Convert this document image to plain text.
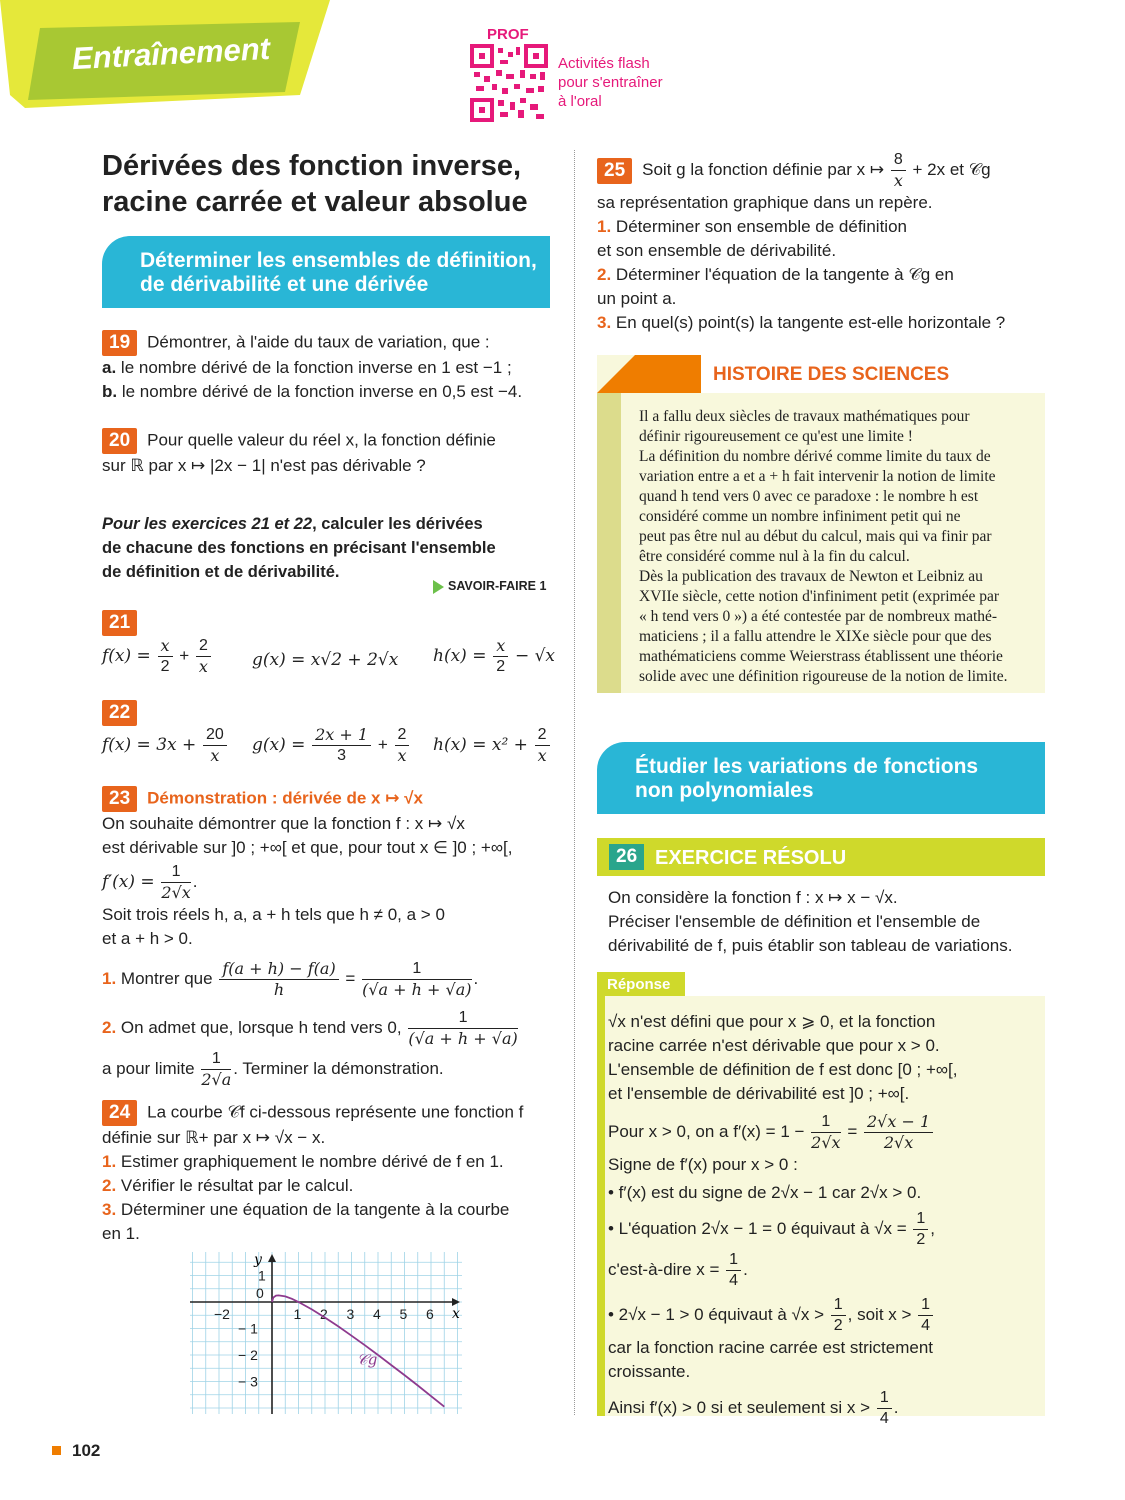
Entraînement	PROF
Activités flash
pour s'entraîner
à l'oral
Dérivées des fonction inverse,
racine carrée et valeur absolue
Déterminer les ensembles de définition,
de dérivabilité et une dérivée

19 Démontrer, à l'aide du taux de variation, que :

a. le nombre dérivé de la fonction inverse en 1 est −1 ;

b. le nombre dérivé de la fonction inverse en 0,5 est −4.

20 Pour quelle valeur du réel x, la fonction définie

sur ℝ par x ↦ |2x − 1| n'est pas dérivable ?

Pour les exercices 21 et 22, calculer les dérivées
de chacune des fonctions en précisant l'ensemble
de définition et de dérivabilité.
SAVOIR-FAIRE 1
21
$f(x) = \frac{x}{2} + \frac{2}{x} g(x) = x√2 + 2√x$ $h(x) = \frac{x}{2} - √x$
22
$f(x) = 3x + \frac{20}{x} g(x) = \frac{2x + 1}{3} + \frac{2}{x} h(x) = x^2 + \frac{2}{x}$

23 Démonstration : dérivée de x ↦ √x

On souhaite démontrer que la fonction f : x ↦ √x

est dérivable sur ]0 ; +∞[ et que, pour tout x ∈ ]0 ; +∞[,

$f'(x) = \frac{1}{2√x}$ .

Soit trois réels h, a, a + h tels que h ≠ 0, a > 0

et a + h > 0.

1. Montrer que $\frac{f(a + h) - f(a)}{h} = \frac{1}{(√a + h + √a)}$ .

2. On admet que, lorsque h tend vers 0, $\frac{1}{(√a + h + √a)}$

a pour limite $\frac{1}{2√a}$ . Terminer la démonstration.

24 La courbe 𝒞f ci-dessous représente une fonction f

définie sur ℝ+ par x ↦ √x − x.

1. Estimer graphiquement le nombre dérivé de f en 1.

2. Vérifier le résultat par le calcul.

3. Déterminer une équation de la tangente à la courbe

en 1.

x
y
−2
0
1 2 3 4 5 6
1
− 1
− 2
− 3
𝒞g

25 Soit g la fonction définie par x ↦ $\frac{8}{x} + 2x$ et 𝒞g

sa représentation graphique dans un repère.

1. Déterminer son ensemble de définition

et son ensemble de dérivabilité.

2. Déterminer l'équation de la tangente à 𝒞g en

un point a.

3. En quel(s) point(s) la tangente est-elle horizontale ?

HISTOIRE DES SCIENCES
Il a fallu deux siècles de travaux mathématiques pour
définir rigoureusement ce qu'est une limite !
La définition du nombre dérivé comme limite du taux de
variation entre a et a + h fait intervenir la notion de limite
quand h tend vers 0 avec ce paradoxe : le nombre h est
considéré comme un nombre infiniment petit qui ne
peut pas être nul au début du calcul, mais qui va finir par
être considéré comme nul à la fin du calcul.
Dès la publication des travaux de Newton et Leibniz au
XVIIe siècle, cette notion d'infiniment petit (exprimée par
« h tend vers 0 ») a été contestée par de nombreux mathé-
maticiens ; il a fallu attendre le XIXe siècle pour que des
mathématiciens comme Weierstrass établissent une théorie
solide avec une définition rigoureuse de la notion de limite.
Étudier les variations de fonctions
non polynomiales
26 EXERCICE RÉSOLU

On considère la fonction f : x ↦ x − √x.

Préciser l'ensemble de définition et l'ensemble de

dérivabilité de f, puis établir son tableau de variations.

Réponse

√x n'est défini que pour x ⩾ 0, et la fonction

racine carrée n'est dérivable que pour x > 0.

L'ensemble de définition de f est donc [0 ; +∞[,

et l'ensemble de dérivabilité est ]0 ; +∞[.

Pour x > 0, on a $f'(x) = 1 - \frac{1}{2√x} = \frac{2√x - 1}{2√x}$

Signe de f′(x) pour x > 0 :

• f′(x) est du signe de 2√x − 1 car 2√x > 0.

• L'équation 2√x − 1 = 0 équivaut à $√x = \frac{1}{2}$ ,

c'est-à-dire $x = \frac{1}{4}$ .

• 2√x − 1 > 0 équivaut à $√x > \frac{1}{2}$ , soit $x > \frac{1}{4}$

car la fonction racine carrée est strictement

croissante.

Ainsi f′(x) > 0 si et seulement si $x > \frac{1}{4}$ .

102
